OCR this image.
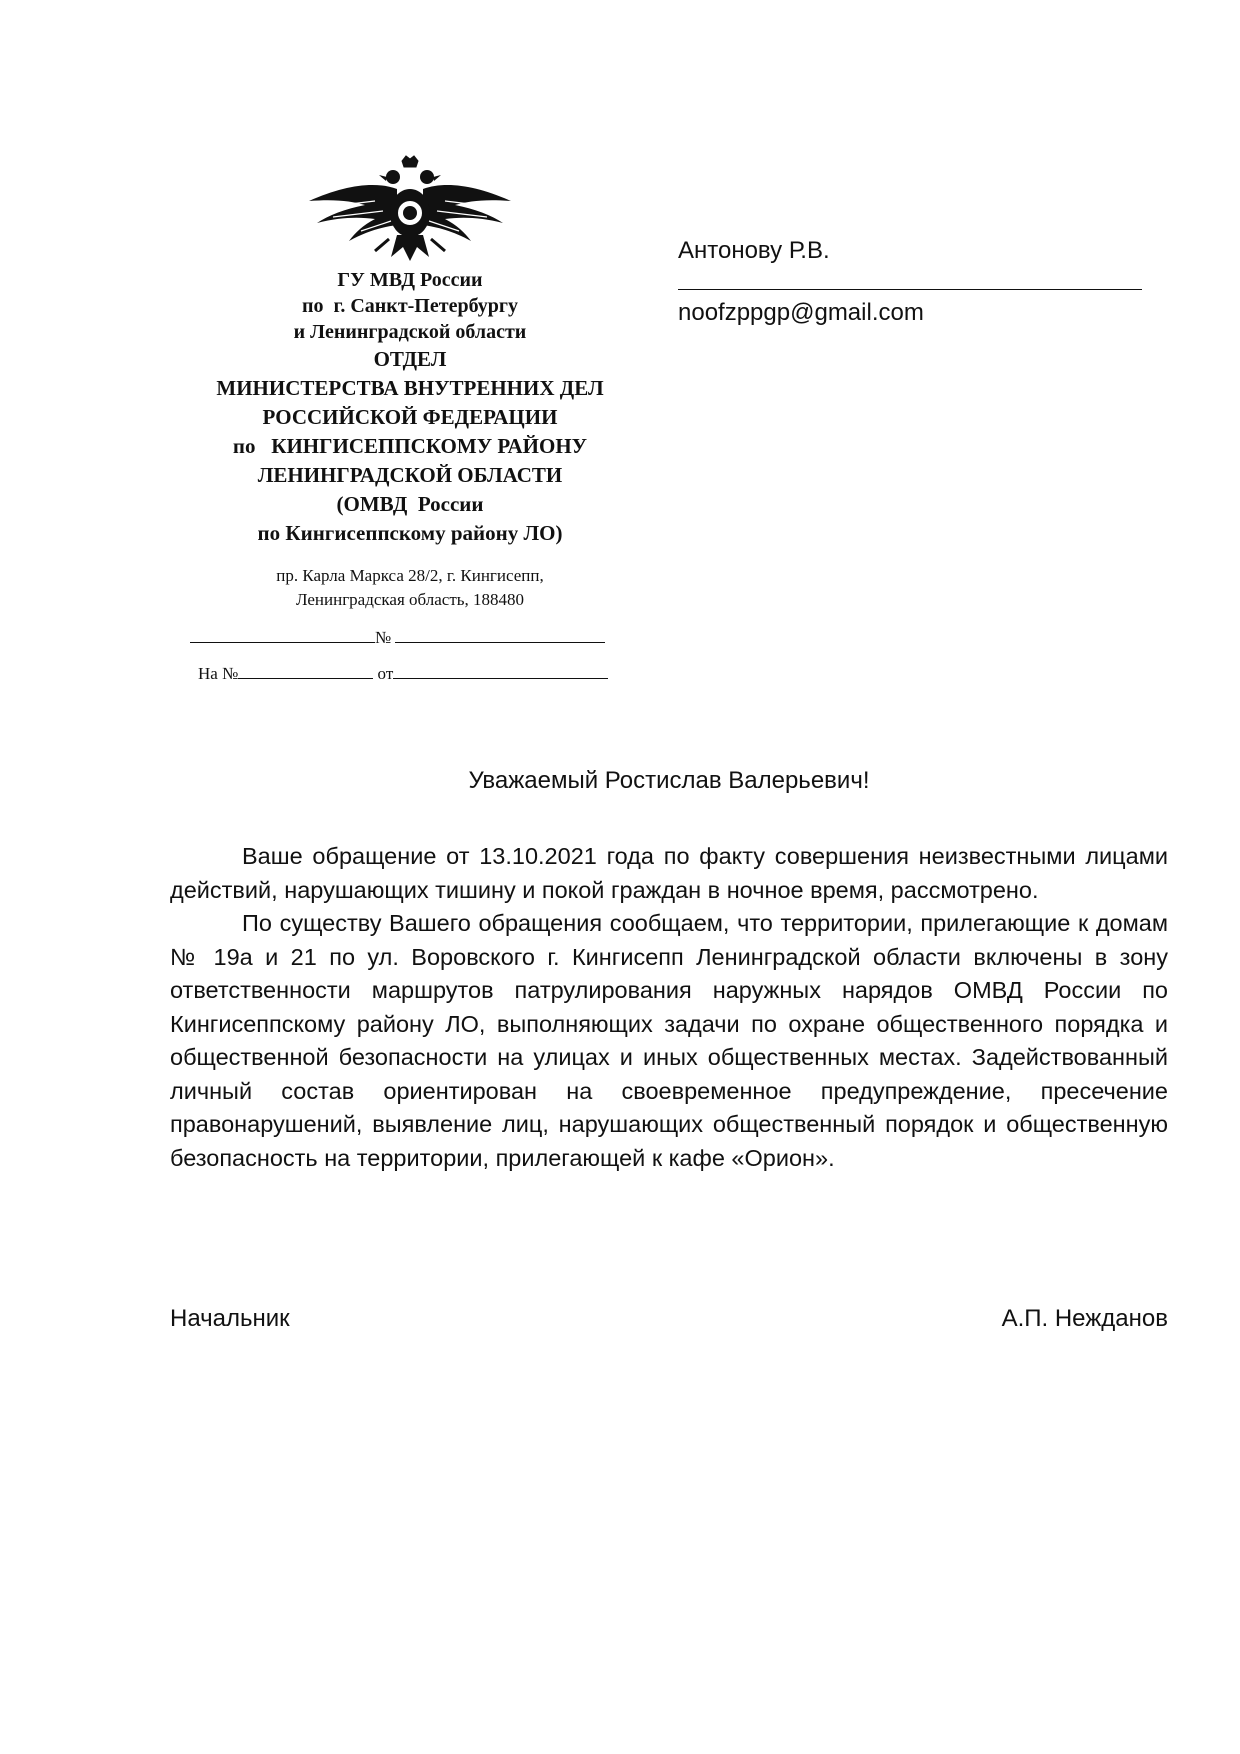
ГУ МВД России
по  г. Санкт-Петербургу
и Ленинградской области
ОТДЕЛ
МИНИСТЕРСТВА ВНУТРЕННИХ ДЕЛ
РОССИЙСКОЙ ФЕДЕРАЦИИ
по   КИНГИСЕППСКОМУ РАЙОНУ
ЛЕНИНГРАДСКОЙ ОБЛАСТИ
(ОМВД  России
по Кингисеппскому району ЛО)
пр. Карла Маркса 28/2, г. Кингисепп,
Ленинградская область, 188480
№
На №	от
Антонову Р.В.
noofzppgp@gmail.com
Уважаемый Ростислав Валерьевич!

Ваше обращение от 13.10.2021 года по факту совершения неизвестными лицами действий, нарушающих тишину и покой граждан в ночное время, рассмотрено.

По существу Вашего обращения сообщаем, что территории, прилегающие к домам № 19а и 21 по ул. Воровского г. Кингисепп Ленинградской области включены в зону ответственности маршрутов патрулирования наружных нарядов ОМВД России по Кингисеппскому району ЛО, выполняющих задачи по охране общественного порядка и общественной безопасности на улицах и иных общественных местах. Задействованный личный состав ориентирован на своевременное предупреждение, пресечение правонарушений, выявление лиц, нарушающих общественный порядок и общественную безопасность на территории, прилегающей к кафе «Орион».

Начальник	А.П. Нежданов
